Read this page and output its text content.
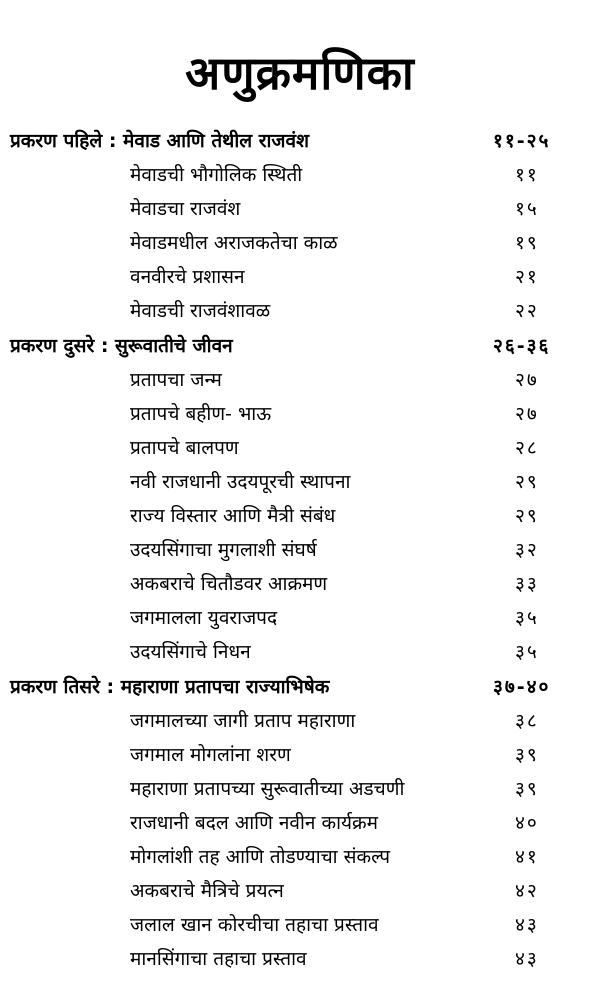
अणुक्रमणिका
प्रकरण पहिले : मेवाड आणि तेथील राजवंश	११-२५
मेवाडची भौगोलिक स्थिती	११
मेवाडचा राजवंश	१५
मेवाडमधील अराजकतेचा काळ	१९
वनवीरचे प्रशासन	२१
मेवाडची राजवंशावळ	२२
प्रकरण दुसरे : सुरूवातीचे जीवन	२६-३६
प्रतापचा जन्म	२७
प्रतापचे बहीण- भाऊ	२७
प्रतापचे बालपण	२८
नवी राजधानी उदयपूरची स्थापना	२९
राज्य विस्तार आणि मैत्री संबंध	२९
उदयसिंगाचा मुगलाशी संघर्ष	३२
अकबराचे चितौडवर आक्रमण	३३
जगमालला युवराजपद	३५
उदयसिंगाचे निधन	३५
प्रकरण तिसरे : महाराणा प्रतापचा राज्याभिषेक	३७-४०
जगमालच्या जागी प्रताप महाराणा	३८
जगमाल मोगलांना शरण	३९
महाराणा प्रतापच्या सुरूवातीच्या अडचणी	३९
राजधानी बदल आणि नवीन कार्यक्रम	४०
मोगलांशी तह आणि तोडण्याचा संकल्प	४१
अकबराचे मैत्रिचे प्रयत्न	४२
जलाल खान कोरचीचा तहाचा प्रस्ताव	४३
मानसिंगाचा तहाचा प्रस्ताव	४३
